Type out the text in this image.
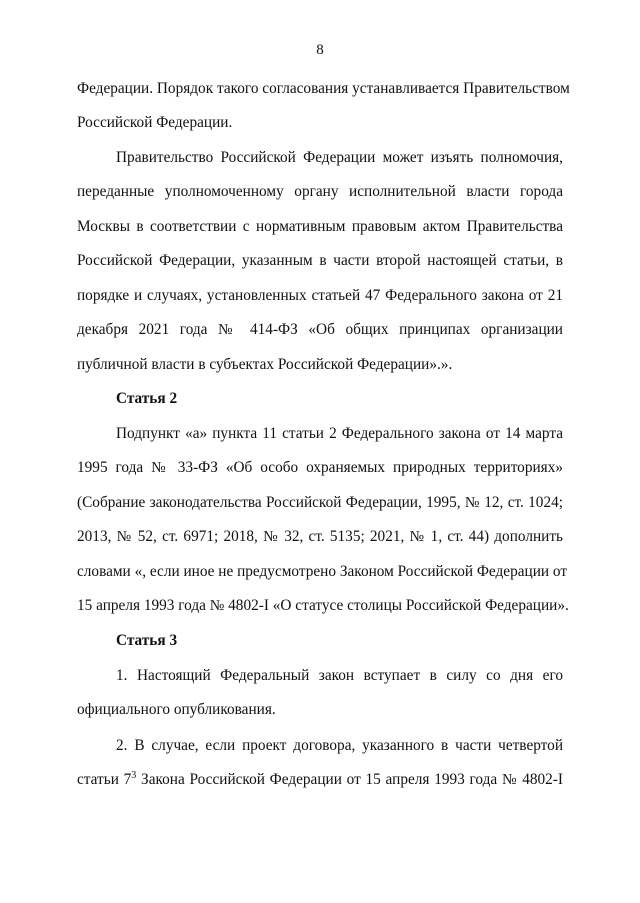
8
Федерации. Порядок такого согласования устанавливается Правительством
Российской Федерации.
Правительство Российской Федерации может изъять полномочия,
переданные уполномоченному органу исполнительной власти города
Москвы в соответствии с нормативным правовым актом Правительства
Российской Федерации, указанным в части второй настоящей статьи, в
порядке и случаях, установленных статьей 47 Федерального закона от 21
декабря 2021 года № 414-ФЗ «Об общих принципах организации
публичной власти в субъектах Российской Федерации».».
Статья 2
Подпункт «а» пункта 11 статьи 2 Федерального закона от 14 марта
1995 года № 33-ФЗ «Об особо охраняемых природных территориях»
(Собрание законодательства Российской Федерации, 1995, № 12, ст. 1024;
2013, № 52, ст. 6971; 2018, № 32, ст. 5135; 2021, № 1, ст. 44) дополнить
словами «, если иное не предусмотрено Законом Российской Федерации от
15 апреля 1993 года № 4802-I «О статусе столицы Российской Федерации».
Статья 3
1. Настоящий Федеральный закон вступает в силу со дня его
официального опубликования.
2. В случае, если проект договора, указанного в части четвертой
статьи $7^3$ Закона Российской Федерации от 15 апреля 1993 года № 4802-I
